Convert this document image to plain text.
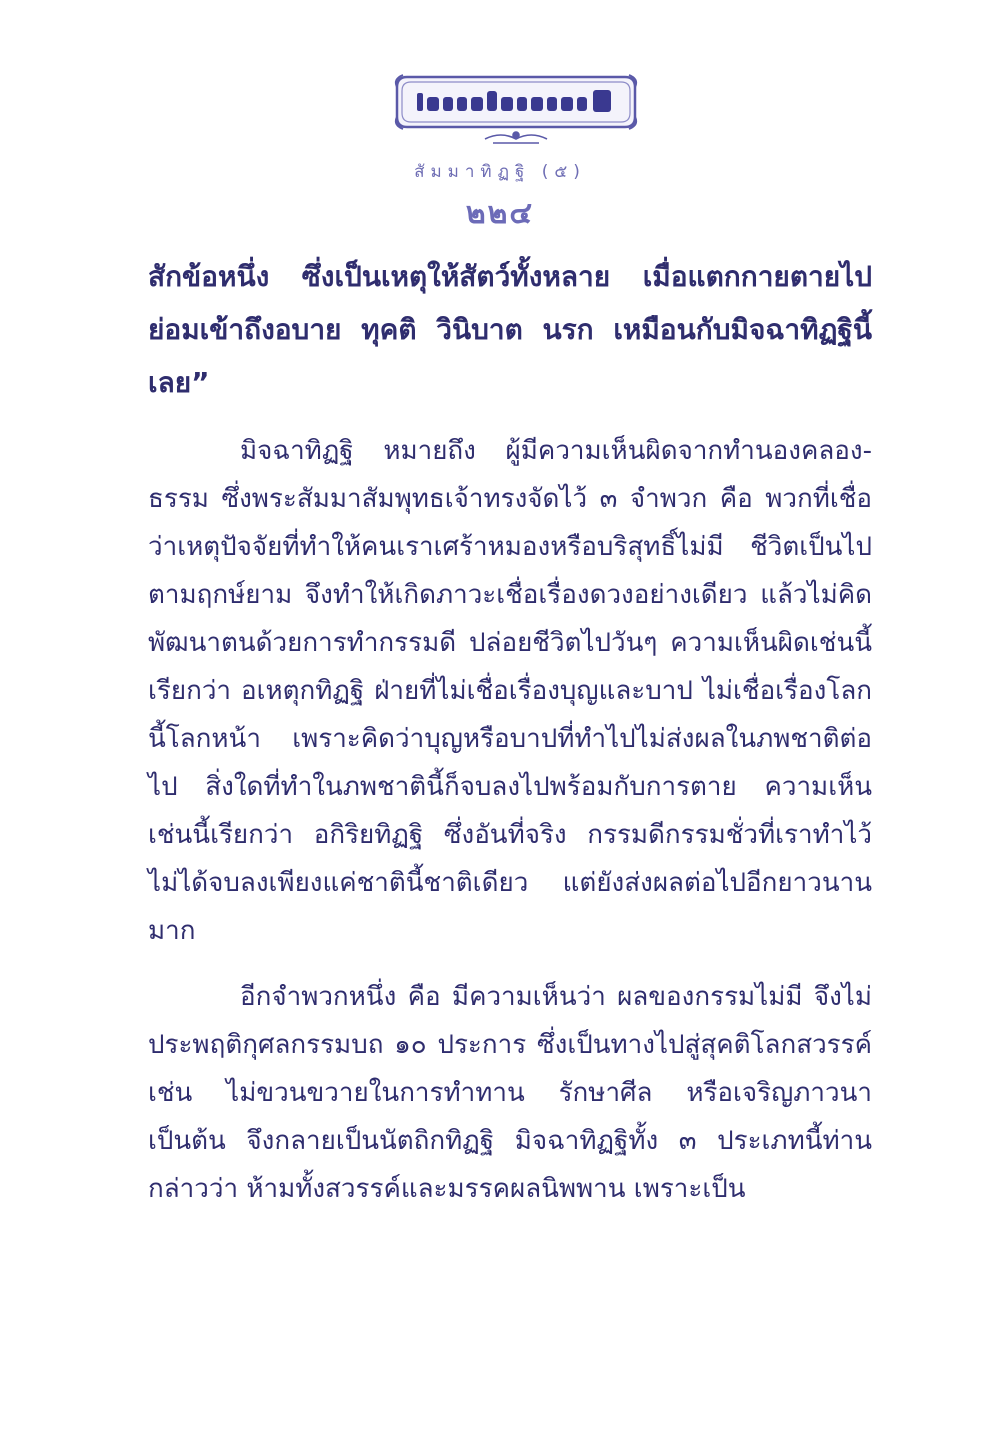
สัมมาทิฏฐิ (๕)
๒๒๔

สักข้อหนึ่ง ซึ่งเป็นเหตุให้สัตว์ทั้งหลาย เมื่อแตกกายตายไป ย่อมเข้าถึงอบาย ทุคติ วินิบาต นรก เหมือนกับมิจฉาทิฏฐินี้เลย”

มิจฉาทิฏฐิ หมายถึง ผู้มีความเห็นผิดจากทำนองคลอง-ธรรม ซึ่งพระสัมมาสัมพุทธเจ้าทรงจัดไว้ ๓ จำพวก คือ พวกที่เชื่อว่าเหตุปัจจัยที่ทำให้คนเราเศร้าหมองหรือบริสุทธิ์ไม่มี ชีวิตเป็นไปตามฤกษ์ยาม จึงทำให้เกิดภาวะเชื่อเรื่องดวงอย่างเดียว แล้วไม่คิดพัฒนาตนด้วยการทำกรรมดี ปล่อยชีวิตไปวันๆ ความเห็นผิดเช่นนี้เรียกว่า อเหตุกทิฏฐิ ฝ่ายที่ไม่เชื่อเรื่องบุญและบาป ไม่เชื่อเรื่องโลกนี้โลกหน้า เพราะคิดว่าบุญหรือบาปที่ทำไปไม่ส่งผลในภพชาติต่อไป สิ่งใดที่ทำในภพชาตินี้ก็จบลงไปพร้อมกับการตาย ความเห็นเช่นนี้เรียกว่า อกิริยทิฏฐิ ซึ่งอันที่จริง กรรมดีกรรมชั่วที่เราทำไว้ ไม่ได้จบลงเพียงแค่ชาตินี้ชาติเดียว แต่ยังส่งผลต่อไปอีกยาวนานมาก

อีกจำพวกหนึ่ง คือ มีความเห็นว่า ผลของกรรมไม่มี จึงไม่ประพฤติกุศลกรรมบถ ๑๐ ประการ ซึ่งเป็นทางไปสู่สุคติโลกสวรรค์ เช่น ไม่ขวนขวายในการทำทาน รักษาศีล หรือเจริญภาวนาเป็นต้น จึงกลายเป็นนัตถิกทิฏฐิ มิจฉาทิฏฐิทั้ง ๓ ประเภทนี้ท่านกล่าวว่า ห้ามทั้งสวรรค์และมรรคผลนิพพาน เพราะเป็น
